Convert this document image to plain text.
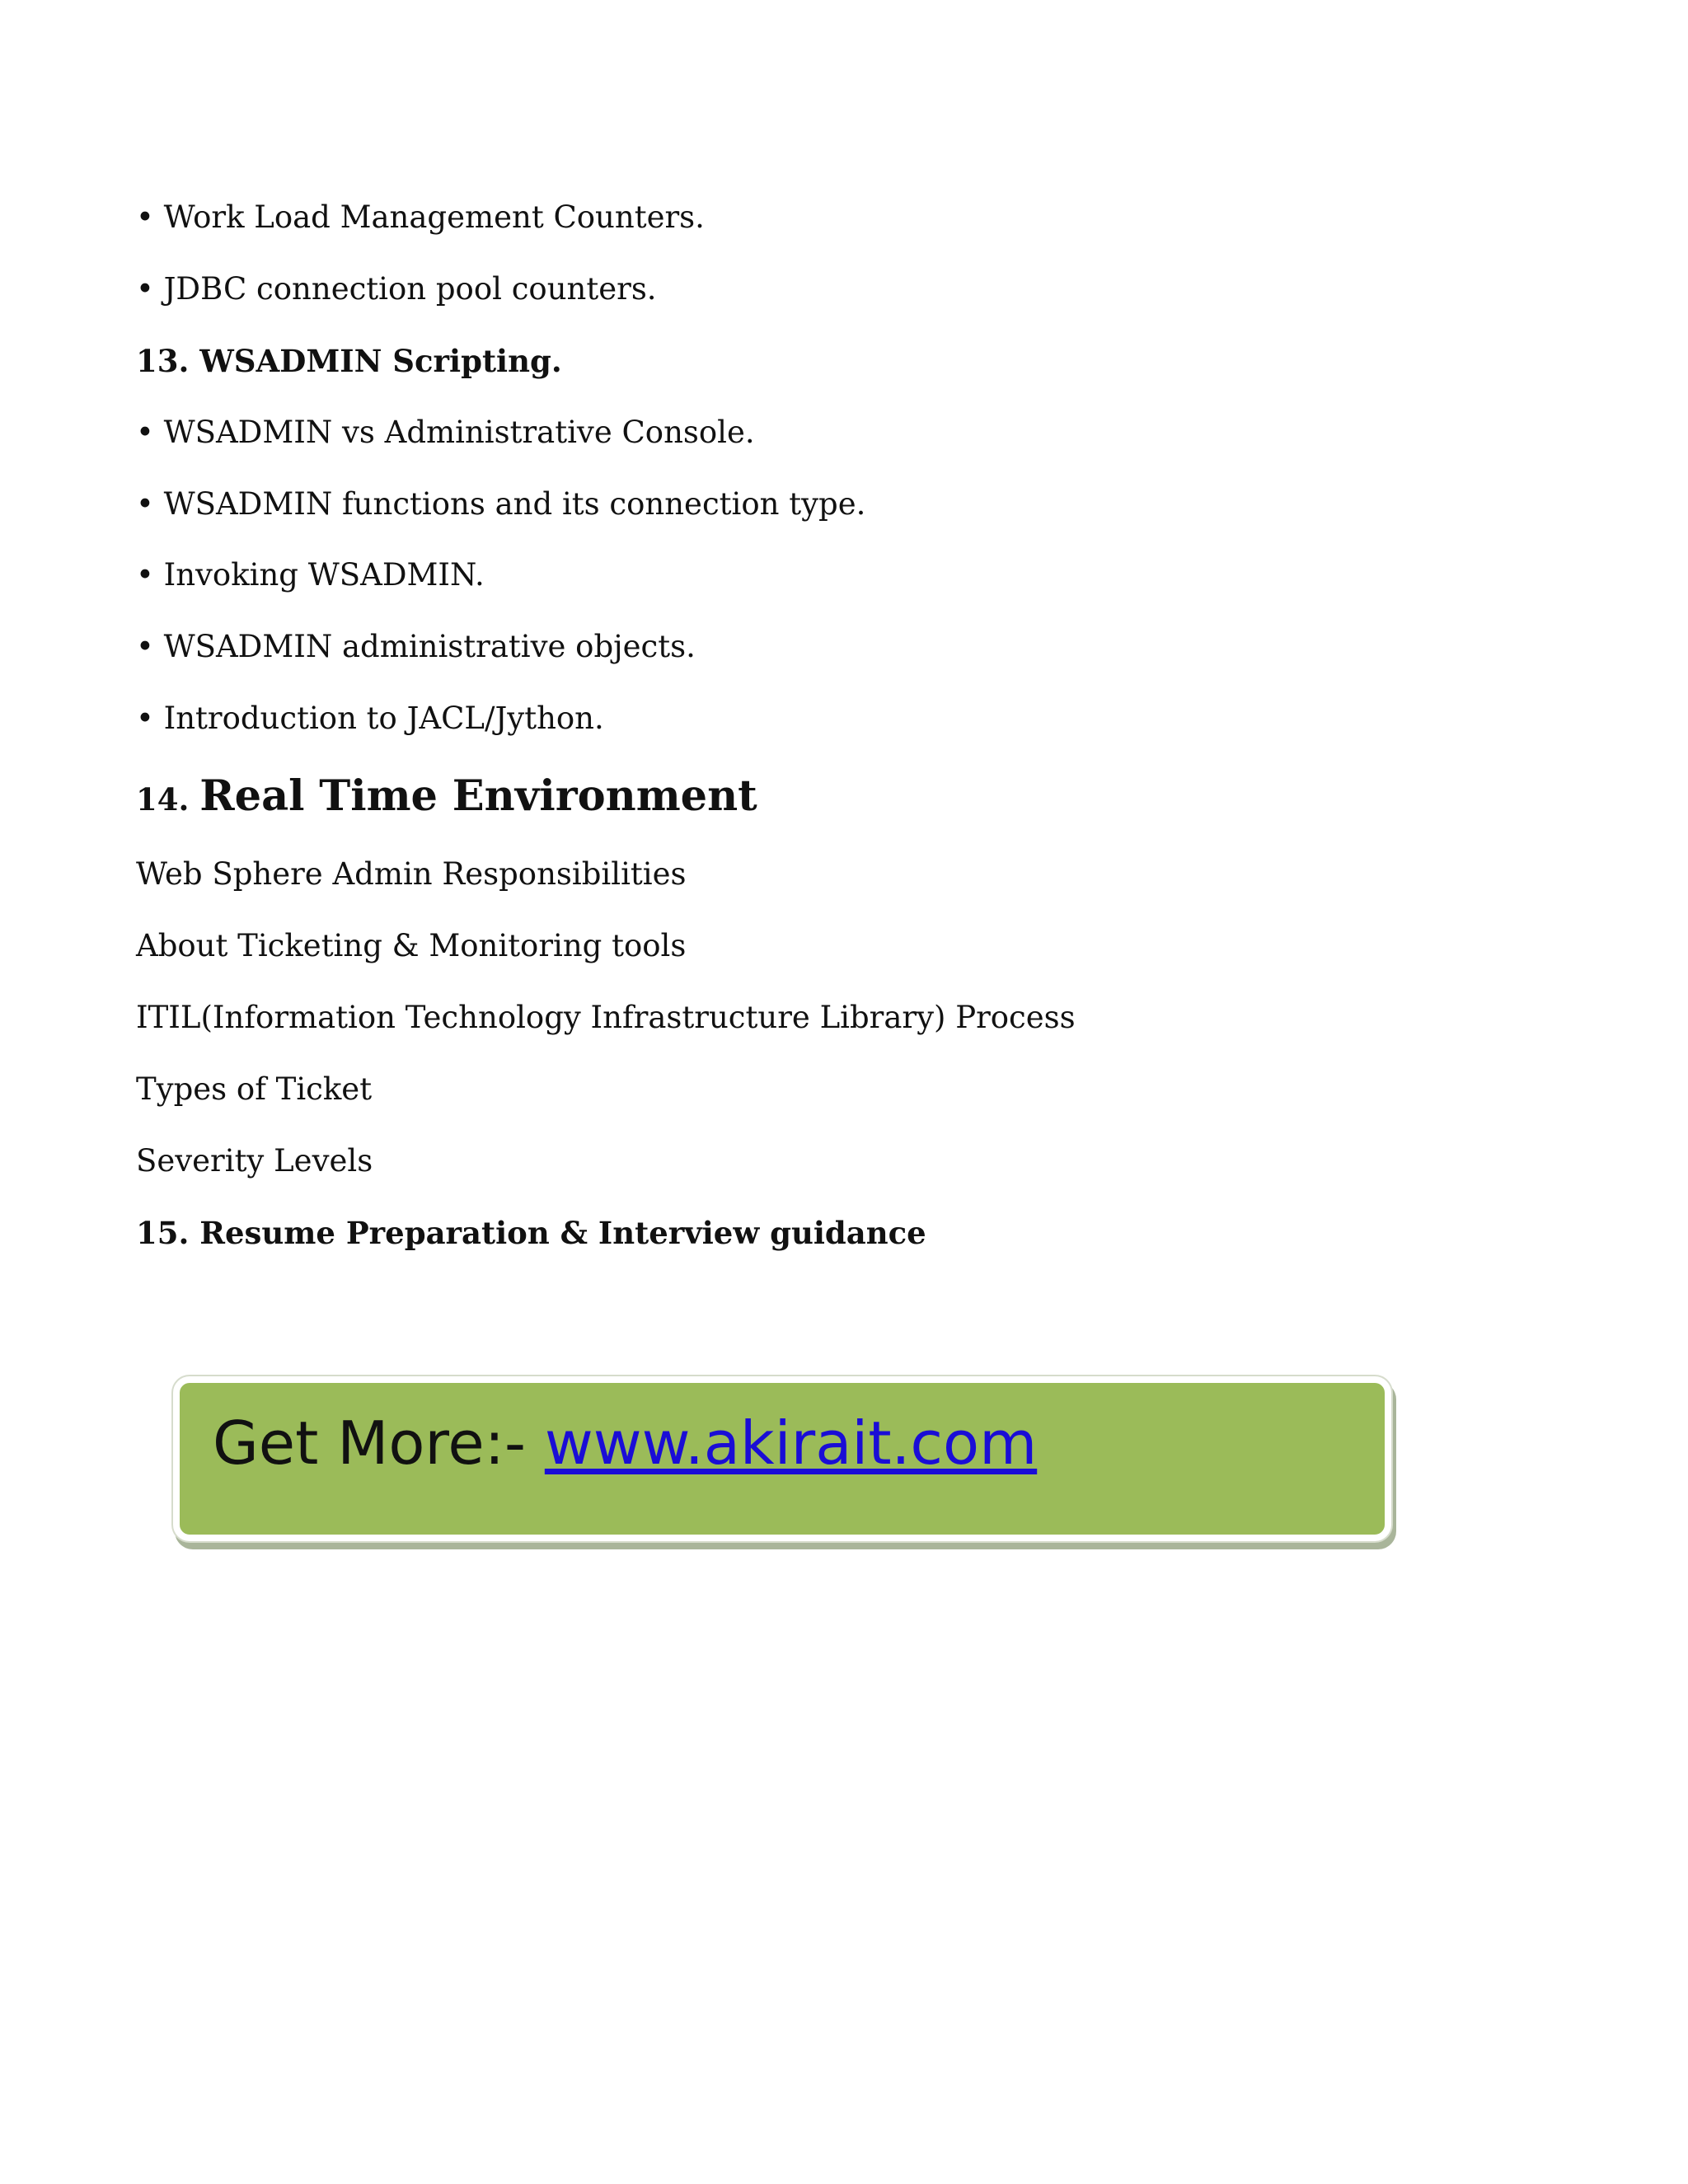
• Work Load Management Counters.
• JDBC connection pool counters.
13. WSADMIN Scripting.
• WSADMIN vs Administrative Console.
• WSADMIN functions and its connection type.
• Invoking WSADMIN.
• WSADMIN administrative objects.
• Introduction to JACL/Jython.
14. Real Time Environment
Web Sphere Admin Responsibilities
About Ticketing & Monitoring tools
ITIL(Information Technology Infrastructure Library) Process
Types of Ticket
Severity Levels
15. Resume Preparation & Interview guidance
Get More:- www.akirait.com
